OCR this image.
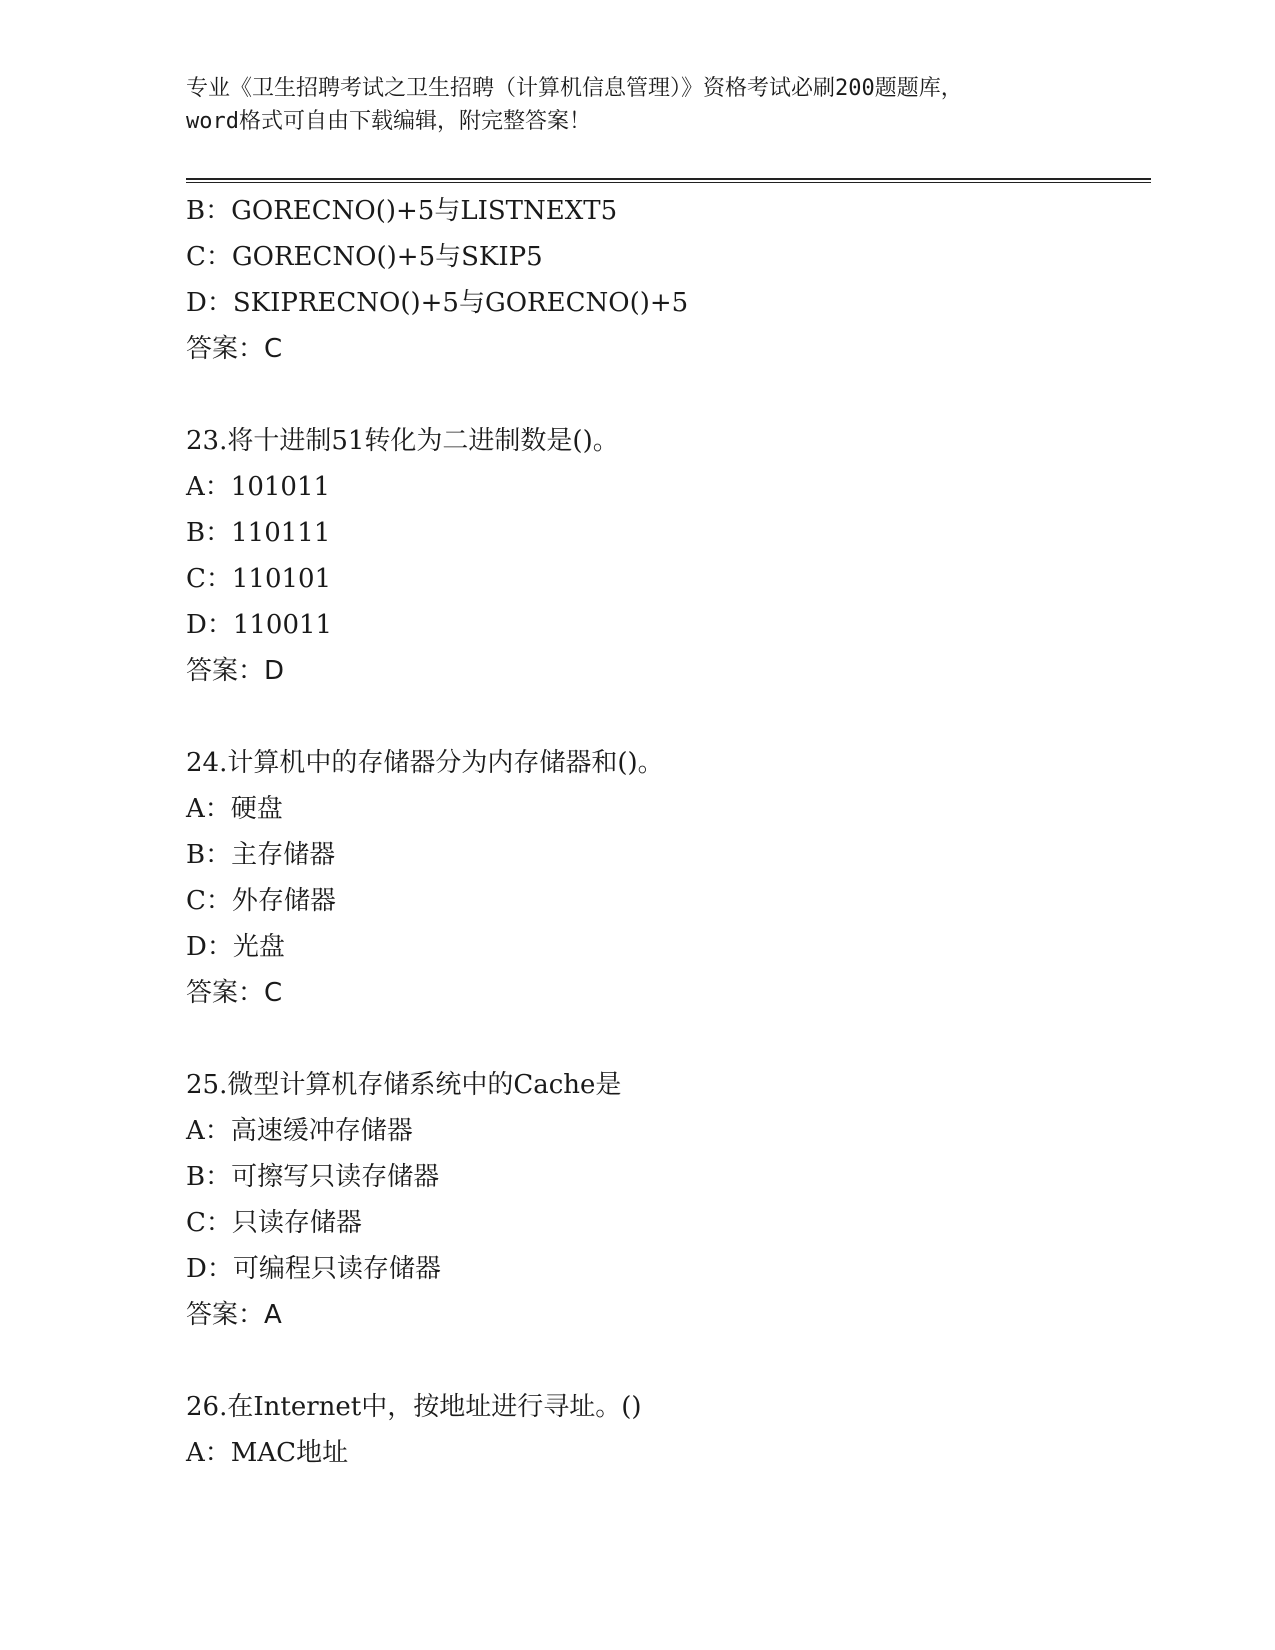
专业《卫生招聘考试之卫生招聘（计算机信息管理）》资格考试必刷200题题库，
word格式可自由下载编辑，附完整答案！
B：GORECNO()+5与LISTNEXT5
C：GORECNO()+5与SKIP5
D：SKIPRECNO()+5与GORECNO()+5
答案：C
23.将十进制51转化为二进制数是()。
A：101011
B：110111
C：110101
D：110011
答案：D
24.计算机中的存储器分为内存储器和()。
A：硬盘
B：主存储器
C：外存储器
D：光盘
答案：C
25.微型计算机存储系统中的Cache是
A：高速缓冲存储器
B：可擦写只读存储器
C：只读存储器
D：可编程只读存储器
答案：A
26.在Internet中，按地址进行寻址。()
A：MAC地址
